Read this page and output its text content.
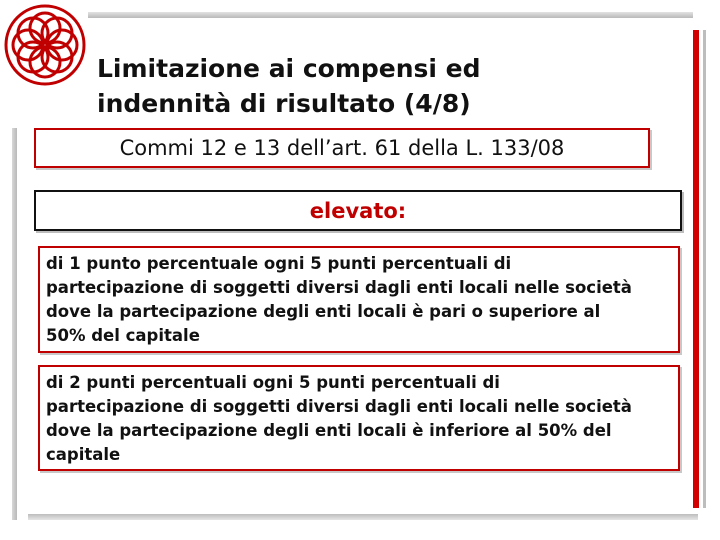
Limitazione ai compensi ed
indennità di risultato (4/8)
Commi 12 e 13 dell’art. 61 della L. 133/08
elevato:
di 1 punto percentuale ogni 5 punti percentuali di
partecipazione di soggetti diversi dagli enti locali nelle società
dove la partecipazione degli enti locali è pari o superiore al
50% del capitale
di 2 punti percentuali ogni 5 punti percentuali di
partecipazione di soggetti diversi dagli enti locali nelle società
dove la partecipazione degli enti locali è inferiore al 50% del
capitale
